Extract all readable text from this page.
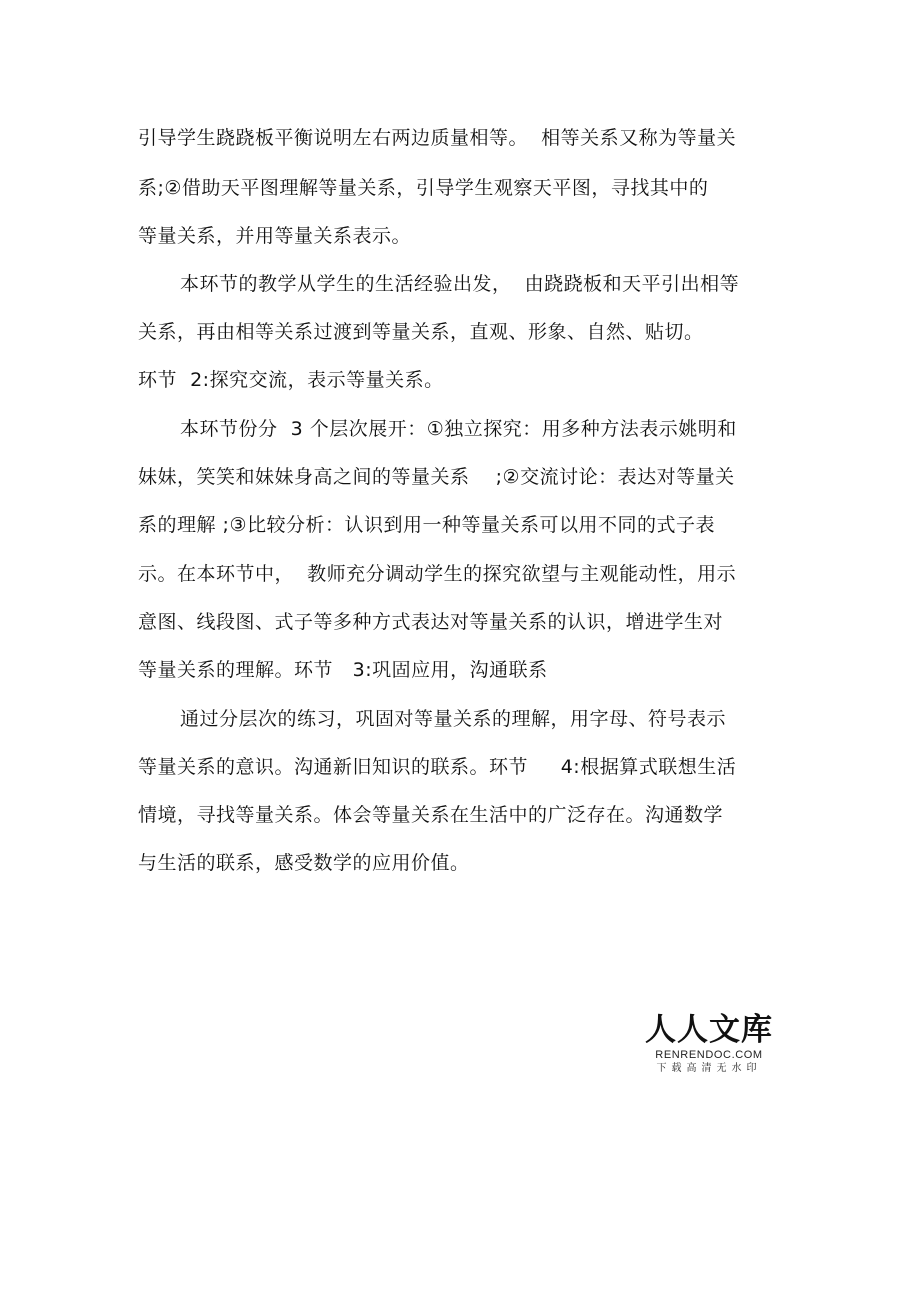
引导学生跷跷板平衡说明左右两边质量相等。  相等关系又称为等量关
系;②借助天平图理解等量关系，引导学生观察天平图，寻找其中的
等量关系，并用等量关系表示。
本环节的教学从学生的生活经验出发，  由跷跷板和天平引出相等
关系，再由相等关系过渡到等量关系，直观、形象、自然、贴切。
环节  2:探究交流，表示等量关系。
本环节份分  3 个层次展开：①独立探究：用多种方法表示姚明和
妹妹，笑笑和妹妹身高之间的等量关系    ;②交流讨论：表达对等量关
系的理解 ;③比较分析：认识到用一种等量关系可以用不同的式子表
示。在本环节中，  教师充分调动学生的探究欲望与主观能动性，用示
意图、线段图、式子等多种方式表达对等量关系的认识，增进学生对
等量关系的理解。环节   3:巩固应用，沟通联系
通过分层次的练习，巩固对等量关系的理解，用字母、符号表示
等量关系的意识。沟通新旧知识的联系。环节     4:根据算式联想生活
情境，寻找等量关系。体会等量关系在生活中的广泛存在。沟通数学
与生活的联系，感受数学的应用价值。
人人文库
RENRENDOC.COM
下载高清无水印
